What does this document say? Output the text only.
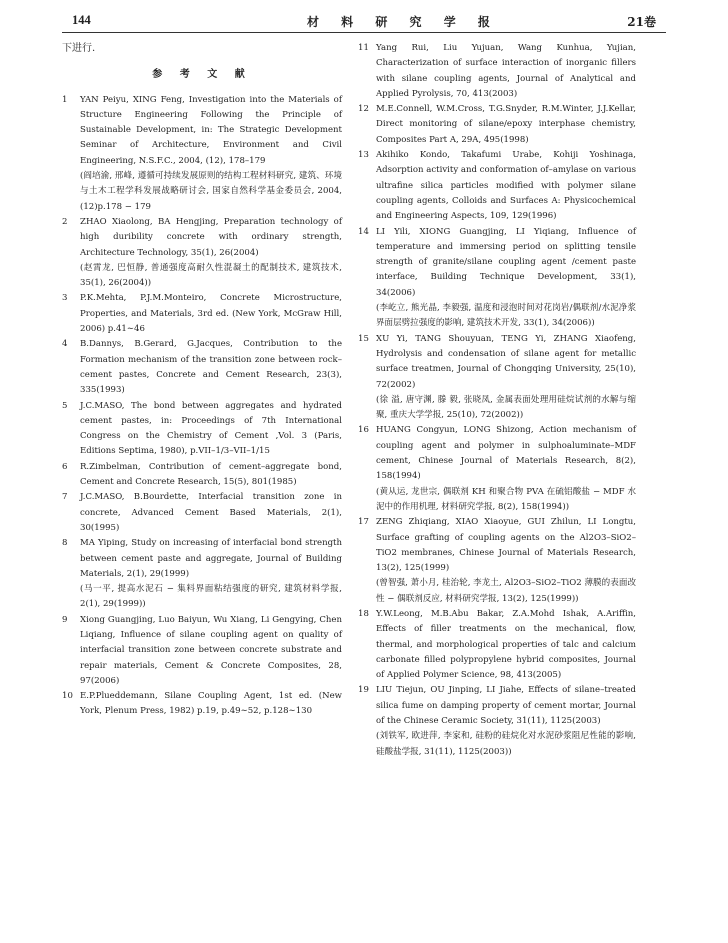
144	材 料 研 究 学 报	21卷
下进行.
参 考 文 献
1	YAN Peiyu, XING Feng, Investigation into the Materials of Structure Engineering Following the Principle of Sustainable Development, in: The Strategic Development Seminar of Architecture, Environment and Civil Engineering, N.S.F.C., 2004, (12), 178–179
(阎培渝, 邢峰, 遵循可持续发展原则的结构工程材料研究, 建筑、环境与土木工程学科发展战略研讨会, 国家自然科学基金委员会, 2004, (12)p.178 − 179
2	ZHAO Xiaolong, BA Hengjing, Preparation technology of high duribility concrete with ordinary strength, Architecture Technology, 35(1), 26(2004)
(赵霄龙, 巴恒静, 普通强度高耐久性混凝土的配制技术, 建筑技术, 35(1), 26(2004))
3	P.K.Mehta, P.J.M.Monteiro, Concrete Microstructure, Properties, and Materials, 3rd ed. (New York, McGraw Hill, 2006) p.41∼46
4	B.Dannys, B.Gerard, G.Jacques, Contribution to the Formation mechanism of the transition zone between rock–cement pastes, Concrete and Cement Research, 23(3), 335(1993)
5	J.C.MASO, The bond between aggregates and hydrated cement pastes, in: Proceedings of 7th International Congress on the Chemistry of Cement ,Vol. 3 (Paris, Editions Septima, 1980), p.VII–1/3–VII–1/15
6	R.Zimbelman, Contribution of cement–aggregate bond, Cement and Concrete Research, 15(5), 801(1985)
7	J.C.MASO, B.Bourdette, Interfacial transition zone in concrete, Advanced Cement Based Materials, 2(1), 30(1995)
8	MA Yiping, Study on increasing of interfacial bond strength between cement paste and aggregate, Journal of Building Materials, 2(1), 29(1999)
(马一平, 提高水泥石 − 集料界面粘结强度的研究, 建筑材料学报, 2(1), 29(1999))
9	Xiong Guangjing, Luo Baiyun, Wu Xiang, Li Gengying, Chen Liqiang, Influence of silane coupling agent on quality of interfacial transition zone between concrete substrate and repair materials, Cement & Concrete Composites, 28, 97(2006)
10 E.P.Plueddemann, Silane Coupling Agent, 1st ed. (New York, Plenum Press, 1982) p.19, p.49∼52, p.128∼130
11 Yang Rui, Liu Yujuan, Wang Kunhua, Yujian, Characterization of surface interaction of inorganic fillers with silane coupling agents, Journal of Analytical and Applied Pyrolysis, 70, 413(2003)
12 M.E.Connell, W.M.Cross, T.G.Snyder, R.M.Winter, J.J.Kellar, Direct monitoring of silane/epoxy interphase chemistry, Composites Part A, 29A, 495(1998)
13 Akihiko Kondo, Takafumi Urabe, Kohiji Yoshinaga, Adsorption activity and conformation of–amylase on various ultrafine silica particles modified with polymer silane coupling agents, Colloids and Surfaces A: Physicochemical and Engineering Aspects, 109, 129(1996)
14 LI Yili, XIONG Guangjing, LI Yiqiang, Influence of temperature and immersing period on splitting tensile strength of granite/silane coupling agent /cement paste interface, Building Technique Development, 33(1), 34(2006)
(李屹立, 熊光晶, 李毅强, 温度和浸泡时间对花岗岩/偶联剂/水泥净浆界面层劈拉强度的影响, 建筑技术开发, 33(1), 34(2006))
15 XU Yi, TANG Shouyuan, TENG Yi, ZHANG Xiaofeng, Hydrolysis and condensation of silane agent for metallic surface treatmen, Journal of Chongqing University, 25(10), 72(2002)
(徐 溢, 唐守渊, 滕 毅, 张晓凤, 金属表面处理用硅烷试剂的水解与缩聚, 重庆大学学报, 25(10), 72(2002))
16 HUANG Congyun, LONG Shizong, Action mechanism of coupling agent and polymer in sulphoaluminate–MDF cement, Chinese Journal of Materials Research, 8(2), 158(1994)
(黄从运, 龙世宗, 偶联剂 KH 和聚合物 PVA 在硫铝酸盐 − MDF 水泥中的作用机理, 材料研究学报, 8(2), 158(1994))
17 ZENG Zhiqiang, XIAO Xiaoyue, GUI Zhilun, LI Longtu, Surface grafting of coupling agents on the Al2O3–SiO2–TiO2 membranes, Chinese Journal of Materials Research, 13(2), 125(1999)
(曾智强, 萧小月, 桂治轮, 李龙土, Al2O3–SiO2–TiO2 薄膜的表面改性 − 偶联剂反应, 材料研究学报, 13(2), 125(1999))
18 Y.W.Leong, M.B.Abu Bakar, Z.A.Mohd Ishak, A.Ariffin, Effects of filler treatments on the mechanical, flow, thermal, and morphological properties of talc and calcium carbonate filled polypropylene hybrid composites, Journal of Applied Polymer Science, 98, 413(2005)
19 LIU Tiejun, OU Jinping, LI Jiahe, Effects of silane–treated silica fume on damping property of cement mortar, Journal of the Chinese Ceramic Society, 31(11), 1125(2003)
(刘铁军, 欧进萍, 李家和, 硅粉的硅烷化对水泥砂浆阻尼性能的影响, 硅酸盐学报, 31(11), 1125(2003))
